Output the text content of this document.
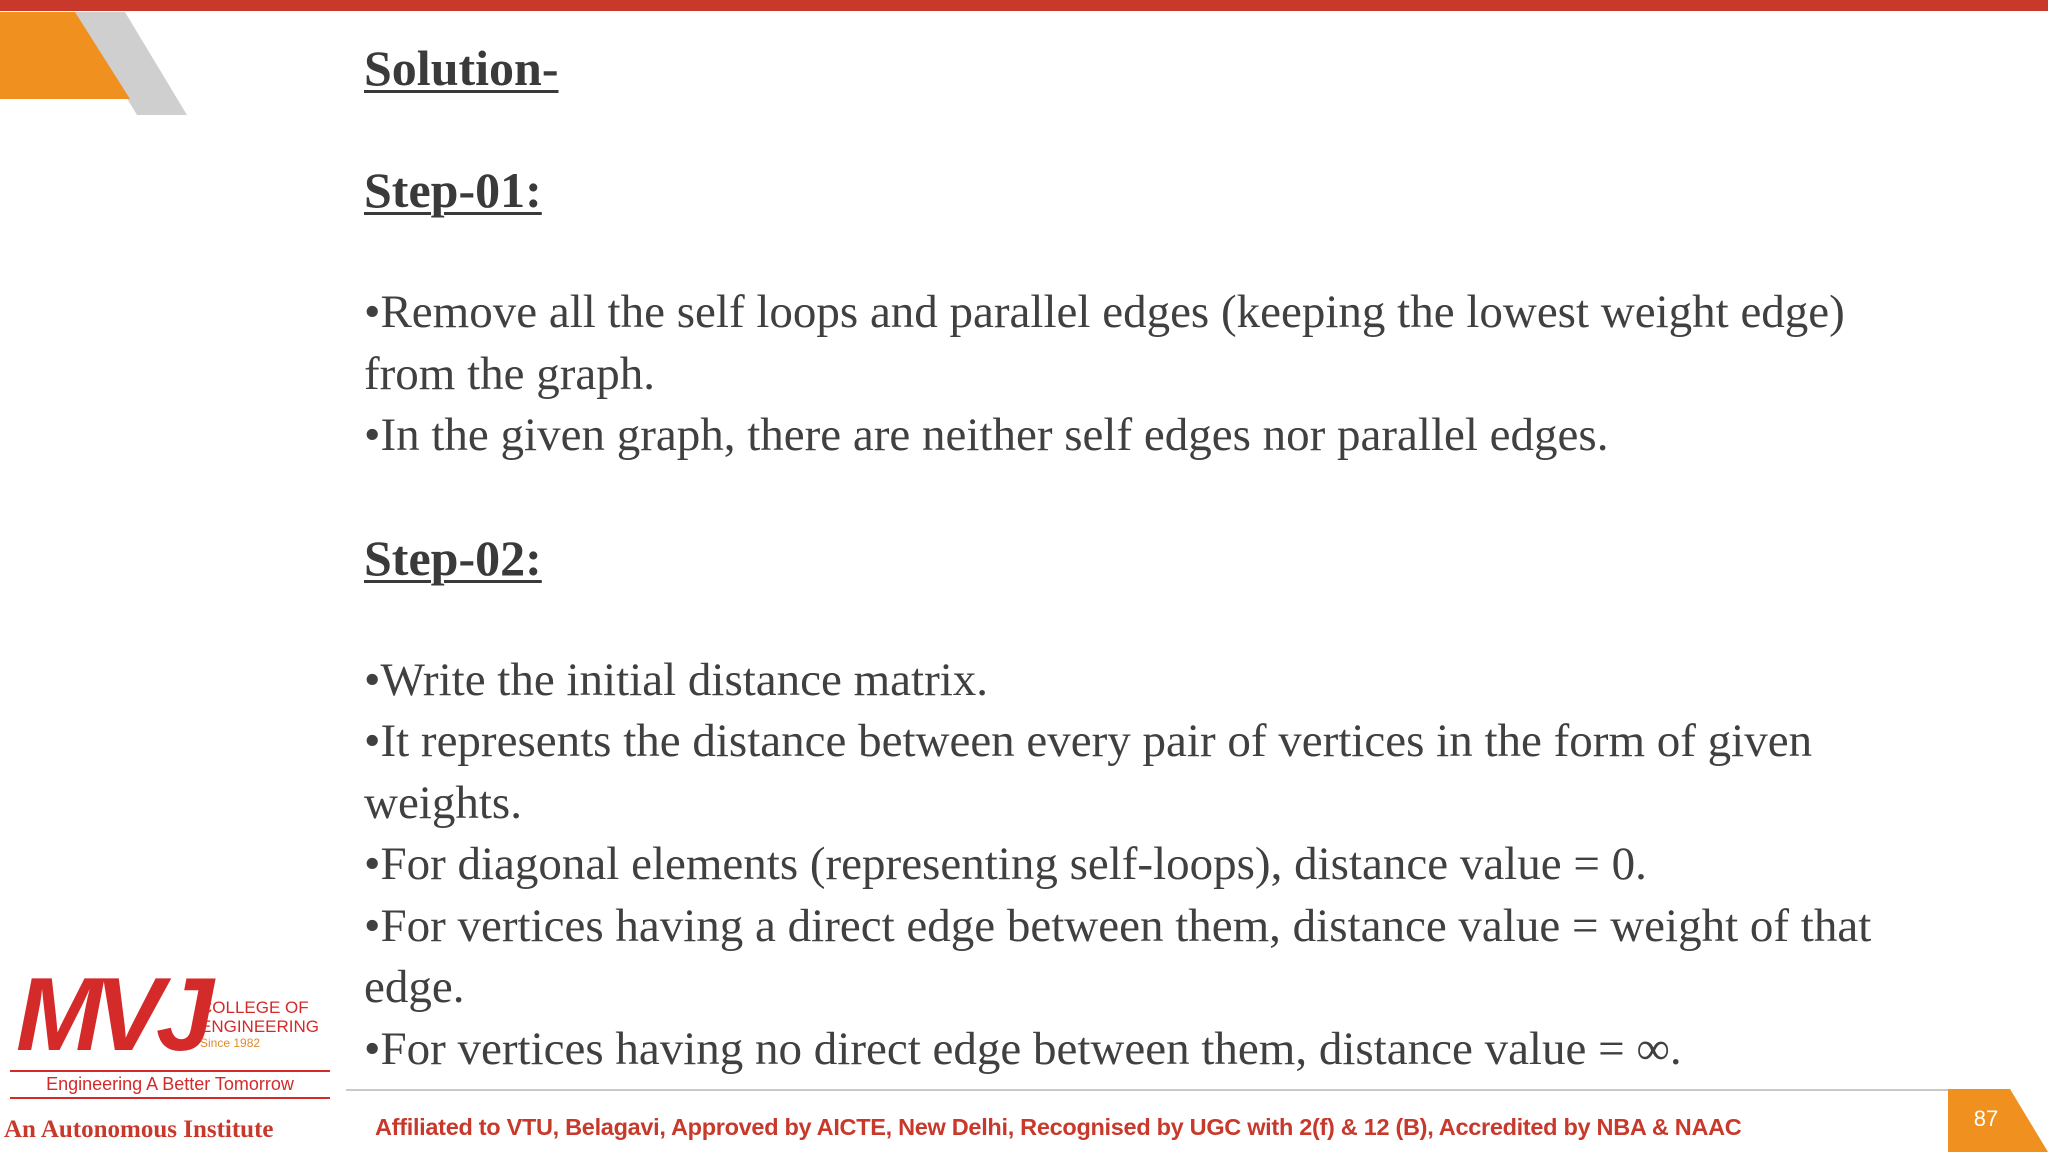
Solution-

Step-01:

•Remove all the self loops and parallel edges (keeping the lowest weight edge)

from the graph.

•In the given graph, there are neither self edges nor parallel edges.

Step-02:

•Write the initial distance matrix.

•It represents the distance between every pair of vertices in the form of given

weights.

•For diagonal elements (representing self-loops), distance value = 0.

•For vertices having a direct edge between them, distance value = weight of that

edge.

•For vertices having no direct edge between them, distance value = ∞.

MVJ
COLLEGE OF
ENGINEERING
Since 1982
Engineering A Better Tomorrow
An Autonomous Institute	Affiliated to VTU, Belagavi, Approved by AICTE, New Delhi, Recognised by UGC with 2(f) & 12 (B), Accredited by NBA & NAAC	87
